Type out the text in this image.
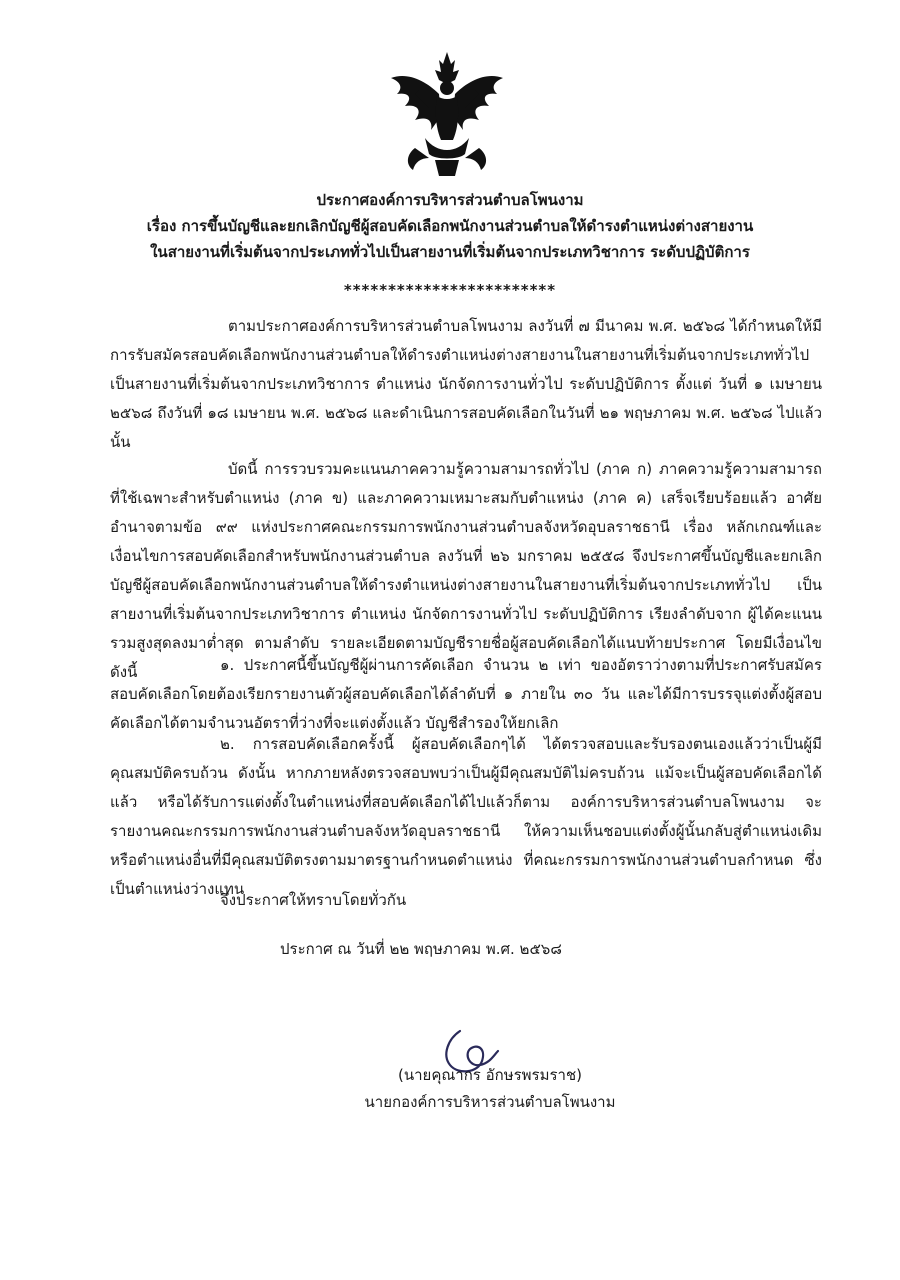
ประกาศองค์การบริหารส่วนตำบลโพนงาม
เรื่อง การขึ้นบัญชีและยกเลิกบัญชีผู้สอบคัดเลือกพนักงานส่วนตำบลให้ดำรงตำแหน่งต่างสายงาน
ในสายงานที่เริ่มต้นจากประเภททั่วไปเป็นสายงานที่เริ่มต้นจากประเภทวิชาการ ระดับปฏิบัติการ
************************

ตามประกาศองค์การบริหารส่วนตำบลโพนงาม ลงวันที่ ๗ มีนาคม พ.ศ. ๒๕๖๘ ได้กำหนดให้มีการรับสมัครสอบคัดเลือกพนักงานส่วนตำบลให้ดำรงตำแหน่งต่างสายงานในสายงานที่เริ่มต้นจากประเภททั่วไปเป็นสายงานที่เริ่มต้นจากประเภทวิชาการ ตำแหน่ง นักจัดการงานทั่วไป ระดับปฏิบัติการ ตั้งแต่ วันที่ ๑ เมษายน ๒๕๖๘ ถึงวันที่ ๑๘ เมษายน พ.ศ. ๒๕๖๘ และดำเนินการสอบคัดเลือกในวันที่ ๒๑ พฤษภาคม พ.ศ. ๒๕๖๘ ไปแล้วนั้น

บัดนี้ การรวบรวมคะแนนภาคความรู้ความสามารถทั่วไป (ภาค ก) ภาคความรู้ความสามารถที่ใช้เฉพาะสำหรับตำแหน่ง (ภาค ข) และภาคความเหมาะสมกับตำแหน่ง (ภาค ค) เสร็จเรียบร้อยแล้ว อาศัยอำนาจตามข้อ ๙๙ แห่งประกาศคณะกรรมการพนักงานส่วนตำบลจังหวัดอุบลราชธานี เรื่อง หลักเกณฑ์และเงื่อนไขการสอบคัดเลือกสำหรับพนักงานส่วนตำบล ลงวันที่ ๒๖ มกราคม ๒๕๕๘ จึงประกาศขึ้นบัญชีและยกเลิกบัญชีผู้สอบคัดเลือกพนักงานส่วนตำบลให้ดำรงตำแหน่งต่างสายงานในสายงานที่เริ่มต้นจากประเภททั่วไป เป็นสายงานที่เริ่มต้นจากประเภทวิชาการ ตำแหน่ง นักจัดการงานทั่วไป ระดับปฏิบัติการ เรียงลำดับจาก ผู้ได้คะแนนรวมสูงสุดลงมาต่ำสุด ตามลำดับ รายละเอียดตามบัญชีรายชื่อผู้สอบคัดเลือกได้แนบท้ายประกาศ โดยมีเงื่อนไขดังนี้	๑. ประกาศนี้ขึ้นบัญชีผู้ผ่านการคัดเลือก จำนวน ๒ เท่า ของอัตราว่างตามที่ประกาศรับสมัครสอบคัดเลือกโดยต้องเรียกรายงานตัวผู้สอบคัดเลือกได้ลำดับที่ ๑ ภายใน ๓๐ วัน และได้มีการบรรจุแต่งตั้งผู้สอบคัดเลือกได้ตามจำนวนอัตราที่ว่างที่จะแต่งตั้งแล้ว บัญชีสำรองให้ยกเลิก

๒. การสอบคัดเลือกครั้งนี้ ผู้สอบคัดเลือกๆได้ ได้ตรวจสอบและรับรองตนเองแล้วว่าเป็นผู้มีคุณสมบัติครบถ้วน ดังนั้น หากภายหลังตรวจสอบพบว่าเป็นผู้มีคุณสมบัติไม่ครบถ้วน แม้จะเป็นผู้สอบคัดเลือกได้แล้ว หรือได้รับการแต่งตั้งในตำแหน่งที่สอบคัดเลือกได้ไปแล้วก็ตาม องค์การบริหารส่วนตำบลโพนงาม จะรายงานคณะกรรมการพนักงานส่วนตำบลจังหวัดอุบลราชธานี ให้ความเห็นชอบแต่งตั้งผู้นั้นกลับสู่ตำแหน่งเดิมหรือตำแหน่งอื่นที่มีคุณสมบัติตรงตามมาตรฐานกำหนดตำแหน่ง ที่คณะกรรมการพนักงานส่วนตำบลกำหนด ซึ่งเป็นตำแหน่งว่างแทน

จึงประกาศให้ทราบโดยทั่วกัน
ประกาศ ณ วันที่ ๒๒ พฤษภาคม พ.ศ. ๒๕๖๘
(นายคุณากร อักษรพรมราช)
นายกองค์การบริหารส่วนตำบลโพนงาม
